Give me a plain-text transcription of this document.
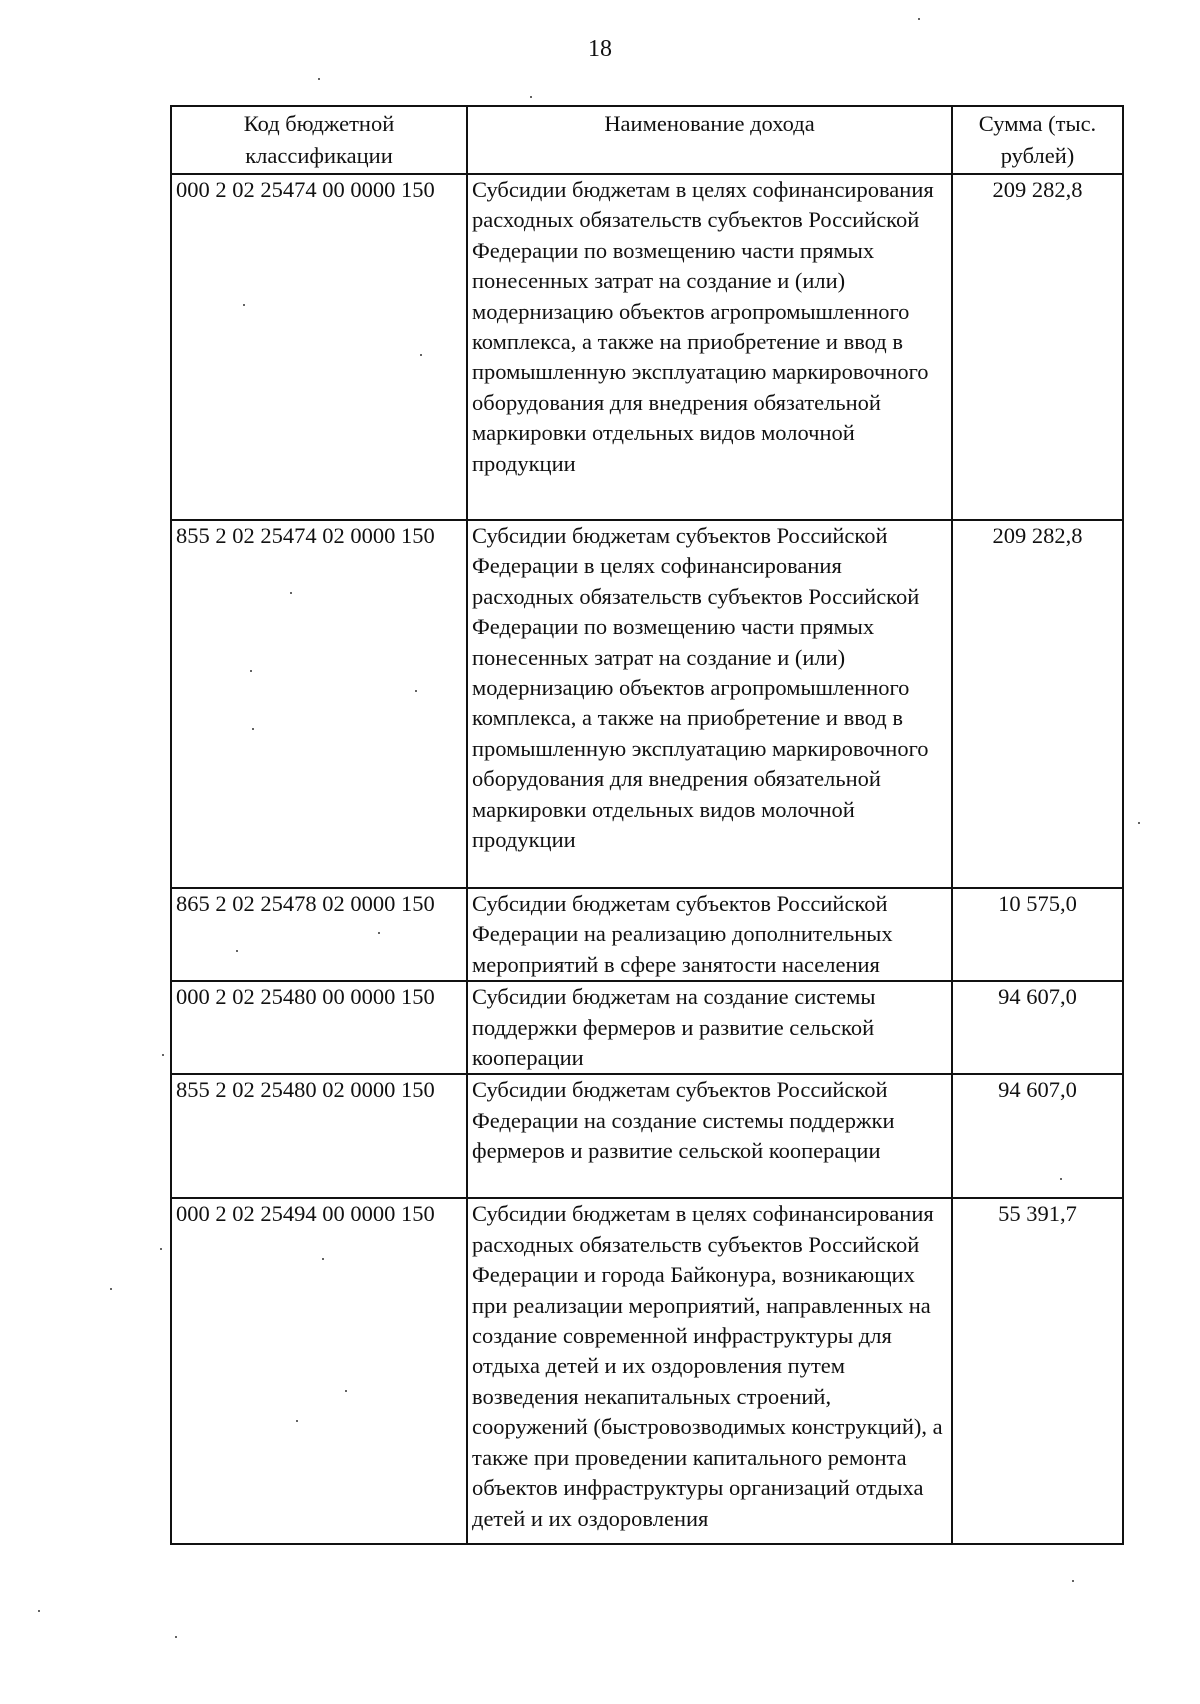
18
Код бюджетной классификации	Наименование дохода	Сумма (тыс. рублей)
000 2 02 25474 00 0000 150	Субсидии бюджетам в целях софинансирования расходных обязательств субъектов Российской Федерации по возмещению части прямых понесенных затрат на создание и (или) модернизацию объектов агропромышленного комплекса, а также на приобретение и ввод в промышленную эксплуатацию маркировочного оборудования для внедрения обязательной маркировки отдельных видов молочной продукции	209 282,8
855 2 02 25474 02 0000 150	Субсидии бюджетам субъектов Российской Федерации в целях софинансирования расходных обязательств субъектов Российской Федерации по возмещению части прямых понесенных затрат на создание и (или) модернизацию объектов агропромышленного комплекса, а также на приобретение и ввод в промышленную эксплуатацию маркировочного оборудования для внедрения обязательной маркировки отдельных видов молочной продукции	209 282,8
865 2 02 25478 02 0000 150	Субсидии бюджетам субъектов Российской Федерации на реализацию дополнительных мероприятий в сфере занятости населения	10 575,0
000 2 02 25480 00 0000 150	Субсидии бюджетам на создание системы поддержки фермеров и развитие сельской кооперации	94 607,0
855 2 02 25480 02 0000 150	Субсидии бюджетам субъектов Российской Федерации на создание системы поддержки фермеров и развитие сельской кооперации	94 607,0
000 2 02 25494 00 0000 150	Субсидии бюджетам в целях софинансирования расходных обязательств субъектов Российской Федерации и города Байконура, возникающих при реализации мероприятий, направленных на создание современной инфраструктуры для отдыха детей и их оздоровления путем возведения некапитальных строений, сооружений (быстровозводимых конструкций), а также при проведении капитального ремонта объектов инфраструктуры организаций отдыха детей и их оздоровления	55 391,7
